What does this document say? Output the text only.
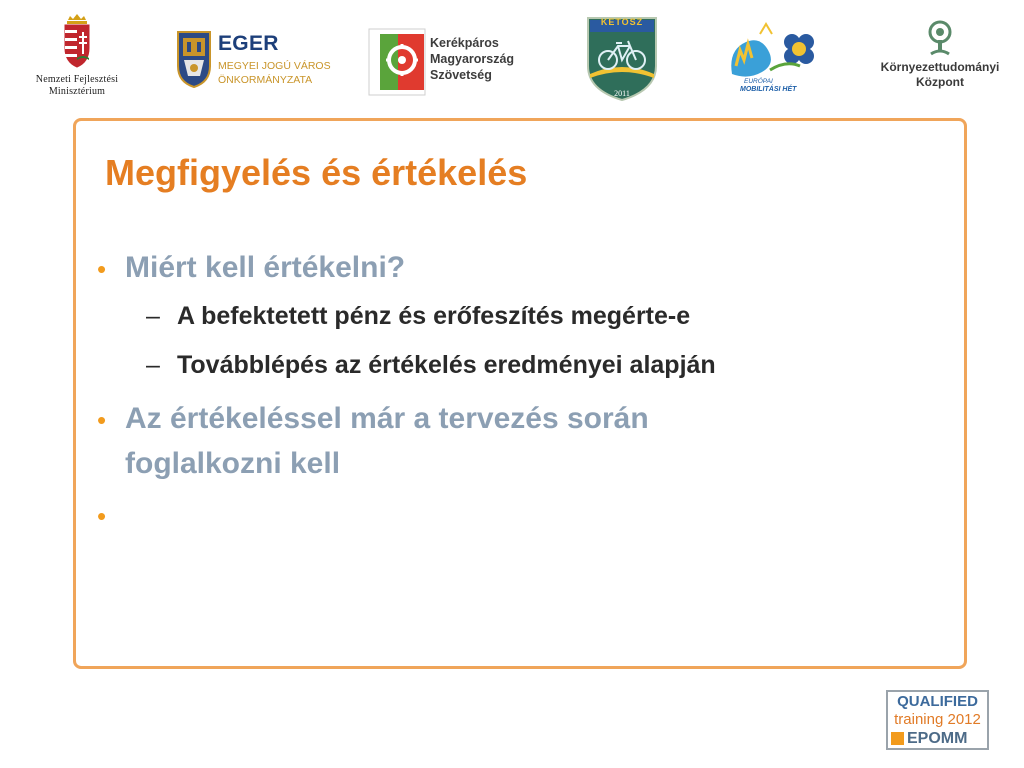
Nemzeti Fejlesztési
Minisztérium
EGER
MEGYEI JOGÚ VÁROS
ÖNKORMÁNYZATA
Kerékpáros
Magyarország
Szövetség
KETOSZ
2011
EURÓPAI
MOBILITÁSI HÉT
Környezettudományi
Központ
Megfigyelés és értékelés
• Miért kell értékelni?
– A befektetett pénz és erőfeszítés megérte-e
– Továbblépés az értékelés eredményei alapján
• Az értékeléssel már a tervezés során
foglalkozni kell
•
QUALIFIED
training 2012
EPOMM
